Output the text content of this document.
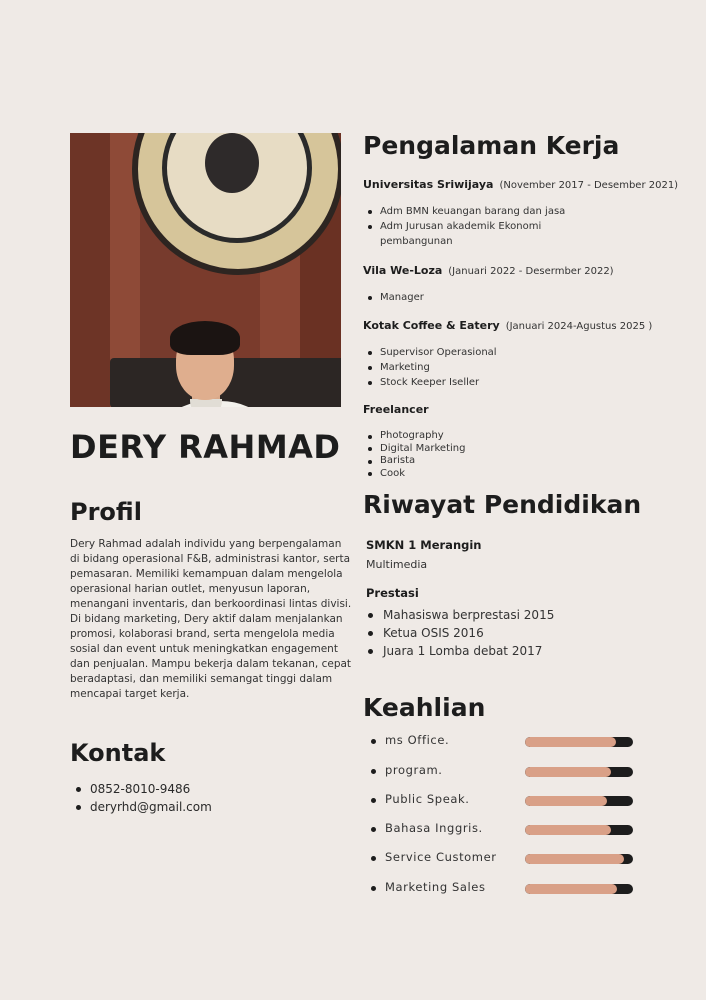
DERY RAHMAD
Profil
Dery Rahmad adalah individu yang berpengalaman di bidang operasional F&B, administrasi kantor, serta pemasaran. Memiliki kemampuan dalam mengelola operasional harian outlet, menyusun laporan, menangani inventaris, dan berkoordinasi lintas divisi. Di bidang marketing, Dery aktif dalam menjalankan promosi, kolaborasi brand, serta mengelola media sosial dan event untuk meningkatkan engagement dan penjualan. Mampu bekerja dalam tekanan, cepat beradaptasi, dan memiliki semangat tinggi dalam mencapai target kerja.
Kontak
0852-8010-9486
deryrhd@gmail.com
Pengalaman Kerja
Universitas Sriwijaya (November 2017 - Desember 2021)
Adm BMN keuangan barang dan jasa
Adm Jurusan akademik Ekonomi pembangunan
Vila We-Loza (Januari 2022 - Desermber 2022)
Manager
Kotak Coffee & Eatery (Januari 2024-Agustus 2025 )
Supervisor Operasional
Marketing
Stock Keeper Iseller
Freelancer
Photography
Digital Marketing
Barista
Cook
Riwayat Pendidikan
SMKN 1 Merangin
Multimedia
Prestasi
Mahasiswa berprestasi 2015
Ketua OSIS 2016
Juara 1 Lomba debat 2017
Keahlian
ms Office.
program.
Public Speak.
Bahasa Inggris.
Service Customer
Marketing Sales
